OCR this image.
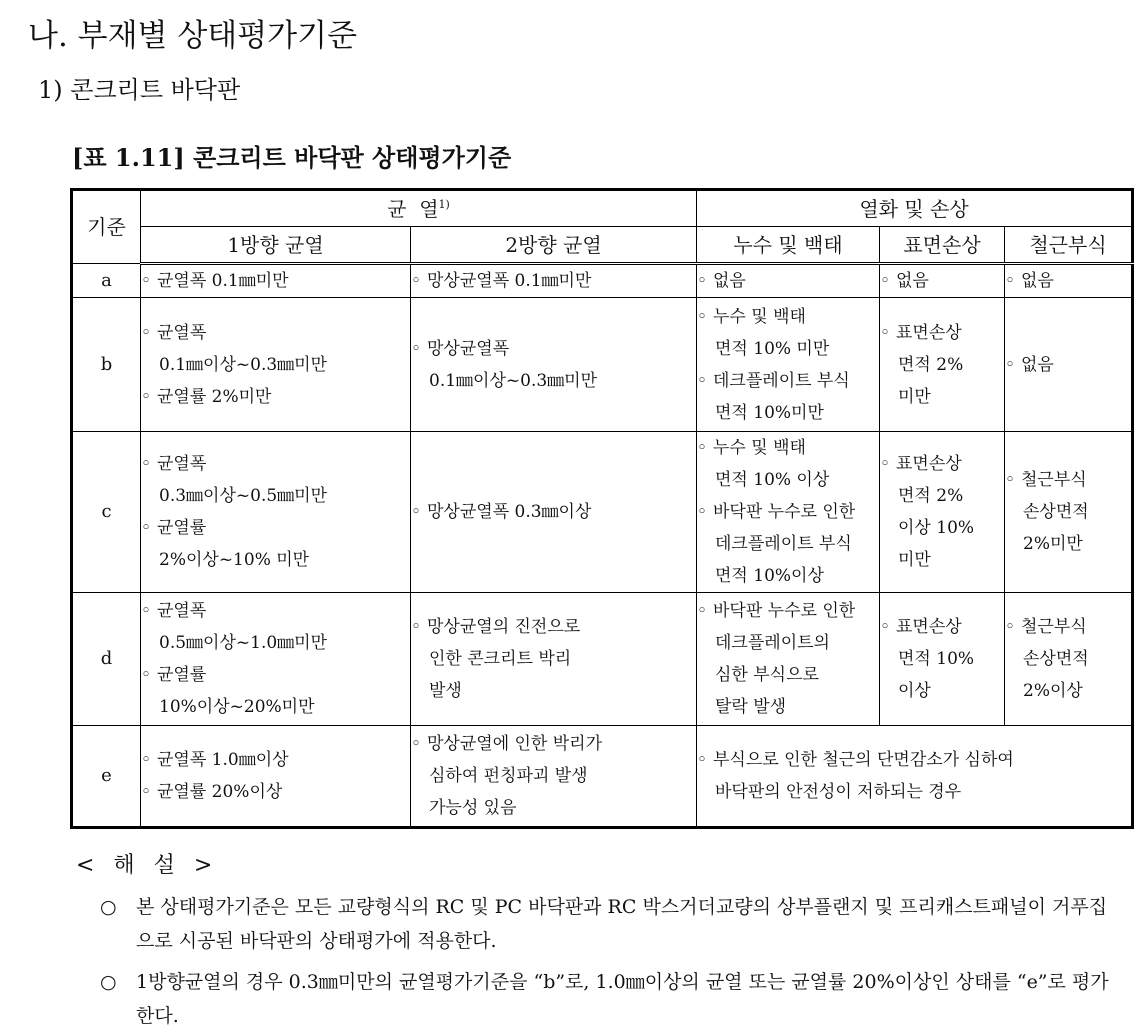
나. 부재별 상태평가기준
1) 콘크리트 바닥판
[표 1.11] 콘크리트 바닥판 상태평가기준
기준	균  열$^{1)}$		열화 및 손상		
	1방향 균열	2방향 균열	누수 및 백태	표면손상	철근부식
a	◦ 균열폭 0.1㎜미만	◦ 망상균열폭 0.1㎜미만	◦ 없음	◦ 없음	◦ 없음

b	◦ 균열폭
0.1㎜이상~0.3㎜미만
◦ 균열률 2%미만	◦ 망상균열폭
0.1㎜이상~0.3㎜미만	◦ 누수 및 백태
면적 10% 미만
◦ 데크플레이트 부식
면적 10%미만	◦ 표면손상
면적 2%
미만	◦ 없음

c	◦ 균열폭
0.3㎜이상~0.5㎜미만
◦ 균열률
2%이상~10% 미만	◦ 망상균열폭 0.3㎜이상	◦ 누수 및 백태
면적 10% 이상
◦ 바닥판 누수로 인한
데크플레이트 부식
면적 10%이상	◦ 표면손상
면적 2%
이상 10%
미만	◦ 철근부식
손상면적
2%미만

d	◦ 균열폭
0.5㎜이상~1.0㎜미만
◦ 균열률
10%이상~20%미만	◦ 망상균열의 진전으로
인한 콘크리트 박리
발생	◦ 바닥판 누수로 인한
데크플레이트의
심한 부식으로
탈락 발생	◦ 표면손상
면적 10%
이상	◦ 철근부식
손상면적
2%이상

e	◦ 균열폭 1.0㎜이상
◦ 균열률 20%이상	◦ 망상균열에 인한 박리가
심하여 펀칭파괴 발생
가능성 있음	◦ 부식으로 인한 철근의 단면감소가 심하여
바닥판의 안전성이 저하되는 경우		
< 해 설 >
○	본 상태평가기준은 모든 교량형식의 RC 및 PC 바닥판과 RC 박스거더교량의 상부플랜지 및 프리캐스트패널이 거푸집으로 시공된 바닥판의 상태평가에 적용한다.
○	1방향균열의 경우 0.3㎜미만의 균열평가기준을 “b”로, 1.0㎜이상의 균열 또는 균열률 20%이상인 상태를 “e”로 평가한다.
